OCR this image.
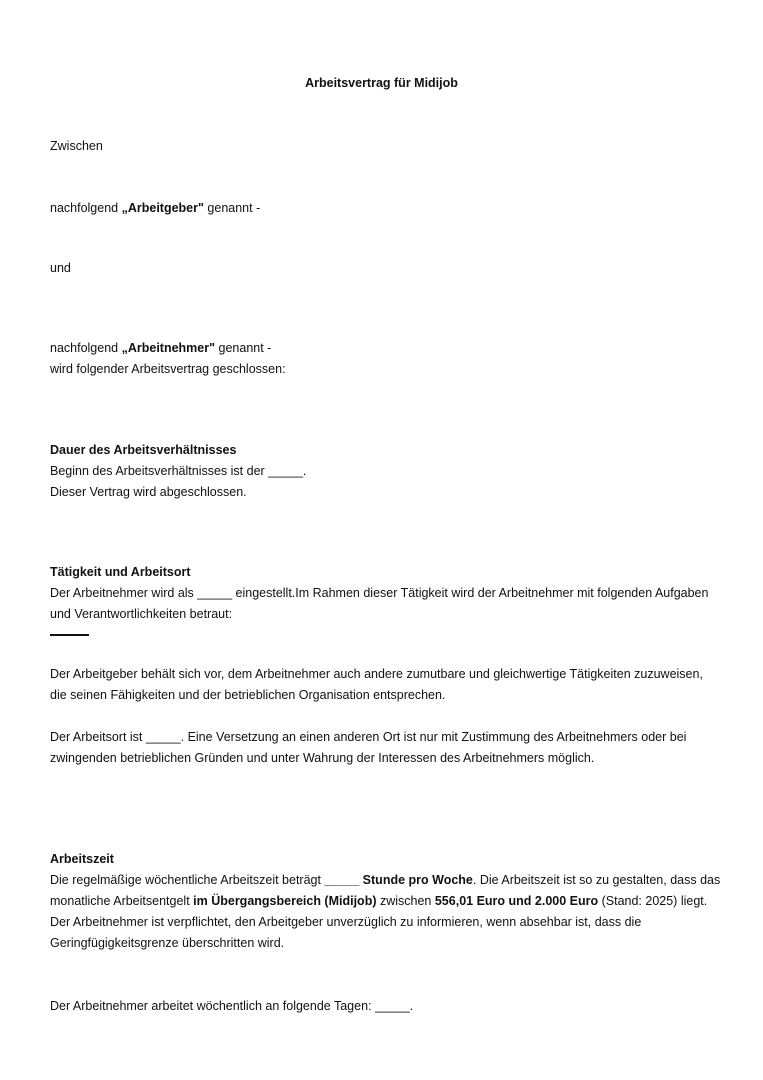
Arbeitsvertrag für Midijob

Zwischen

nachfolgend „Arbeitgeber" genannt -

und

nachfolgend „Arbeitnehmer" genannt -

wird folgender Arbeitsvertrag geschlossen:

Dauer des Arbeitsverhältnisses

Beginn des Arbeitsverhältnisses ist der _____.

Dieser Vertrag wird abgeschlossen.

Tätigkeit und Arbeitsort

Der Arbeitnehmer wird als _____ eingestellt.Im Rahmen dieser Tätigkeit wird der Arbeitnehmer mit folgenden Aufgaben und Verantwortlichkeiten betraut:

Der Arbeitgeber behält sich vor, dem Arbeitnehmer auch andere zumutbare und gleichwertige Tätigkeiten zuzuweisen, die seinen Fähigkeiten und der betrieblichen Organisation entsprechen.

Der Arbeitsort ist _____. Eine Versetzung an einen anderen Ort ist nur mit Zustimmung des Arbeitnehmers oder bei zwingenden betrieblichen Gründen und unter Wahrung der Interessen des Arbeitnehmers möglich.

Arbeitszeit

Die regelmäßige wöchentliche Arbeitszeit beträgt _____ Stunde pro Woche. Die Arbeitszeit ist so zu gestalten, dass das monatliche Arbeitsentgelt im Übergangsbereich (Midijob) zwischen 556,01 Euro und 2.000 Euro (Stand: 2025) liegt. Der Arbeitnehmer ist verpflichtet, den Arbeitgeber unverzüglich zu informieren, wenn absehbar ist, dass die Geringfügigkeitsgrenze überschritten wird.

Der Arbeitnehmer arbeitet wöchentlich an folgende Tagen: _____.
